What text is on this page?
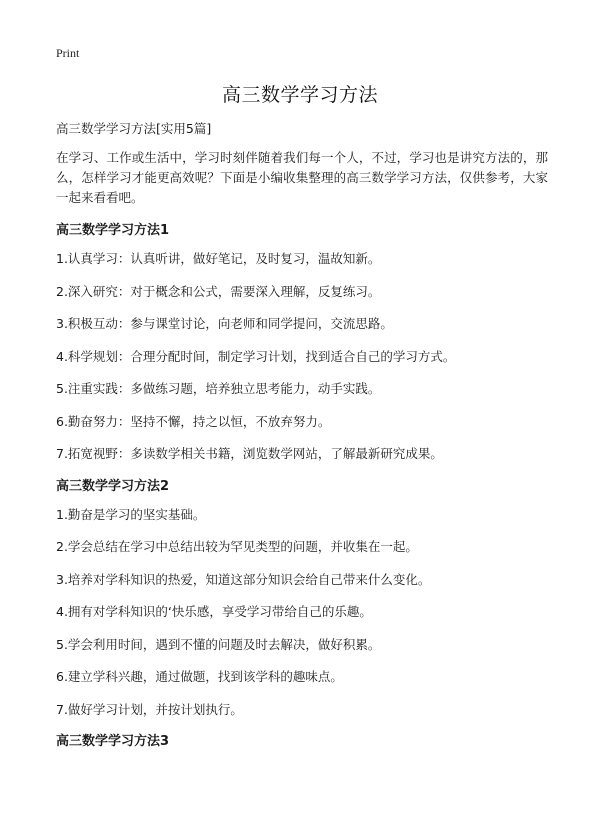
Print
高三数学学习方法
高三数学学习方法[实用5篇]
在学习、工作或生活中，学习时刻伴随着我们每一个人，不过，学习也是讲究方法的，那么，怎样学习才能更高效呢？下面是小编收集整理的高三数学学习方法，仅供参考，大家一起来看看吧。
高三数学学习方法1
1.认真学习：认真听讲，做好笔记，及时复习，温故知新。
2.深入研究：对于概念和公式，需要深入理解，反复练习。
3.积极互动：参与课堂讨论，向老师和同学提问，交流思路。
4.科学规划：合理分配时间，制定学习计划，找到适合自己的学习方式。
5.注重实践：多做练习题，培养独立思考能力，动手实践。
6.勤奋努力：坚持不懈，持之以恒，不放弃努力。
7.拓宽视野：多读数学相关书籍，浏览数学网站，了解最新研究成果。
高三数学学习方法2
1.勤奋是学习的坚实基础。
2.学会总结在学习中总结出较为罕见类型的问题，并收集在一起。
3.培养对学科知识的热爱，知道这部分知识会给自己带来什么变化。
4.拥有对学科知识的‘快乐感，享受学习带给自己的乐趣。
5.学会利用时间，遇到不懂的问题及时去解决，做好积累。
6.建立学科兴趣，通过做题，找到该学科的趣味点。
7.做好学习计划，并按计划执行。
高三数学学习方法3
